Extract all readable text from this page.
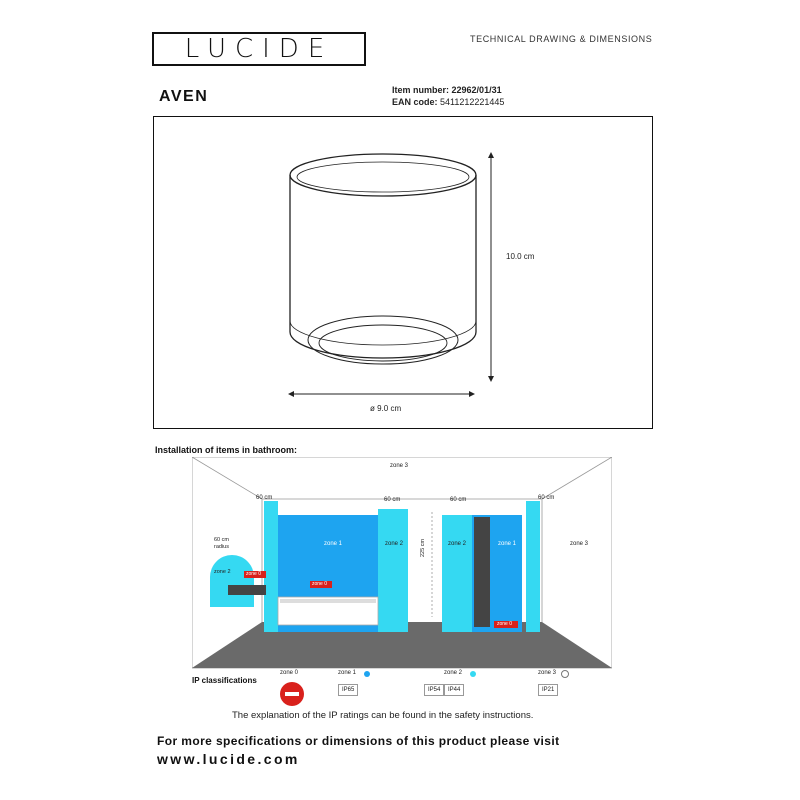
LUCIDE	TECHNICAL DRAWING & DIMENSIONS
AVEN	Item number: 22962/01/31
EAN code: 5411212221445
10.0 cm
ø 9.0 cm
Installation of items in bathroom:
zone 3
60 cm	60 cm	60 cm	60 cm
zone 1	zone 2	zone 2	zone 1	zone 3
60 cm
radius
zone 2	zone 0
zone 0
zone 0
225 cm
IP classifications
zone 0	zone 1
IP65
zone 2
IP54	IP44
zone 3
IP21
The explanation of the IP ratings can be found in the safety instructions.
For more specifications or dimensions of this product please visit
www.lucide.com
